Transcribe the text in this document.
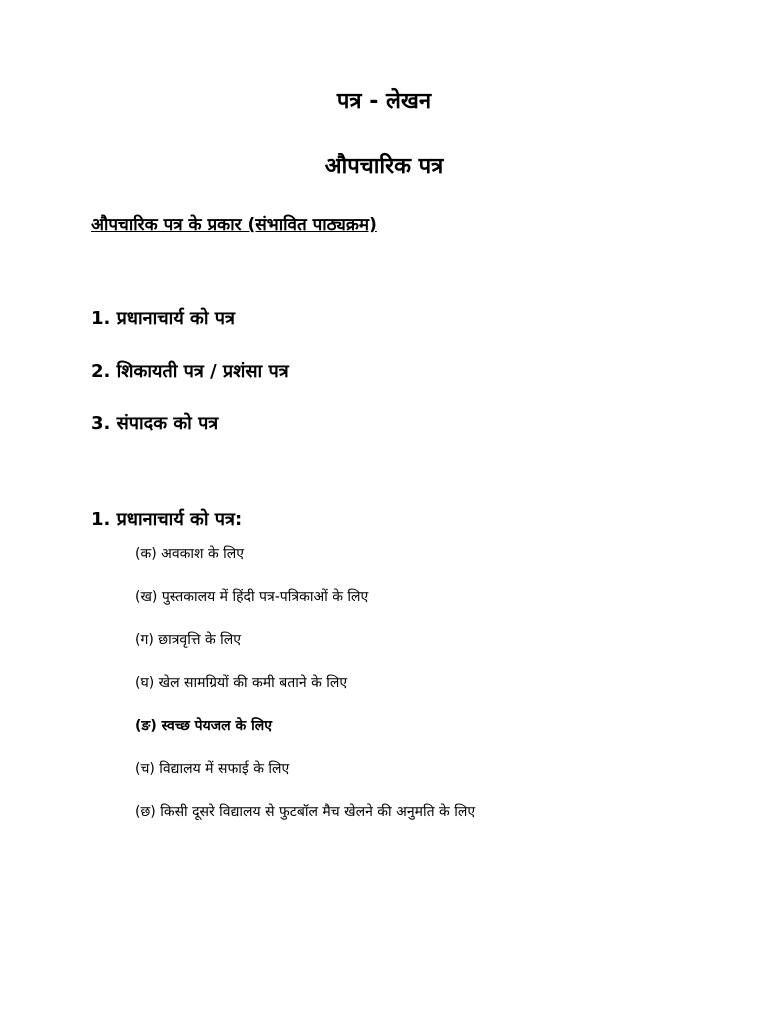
पत्र - लेखन
औपचारिक पत्र
औपचारिक पत्र के प्रकार (संभावित पाठ्यक्रम)
1. प्रधानाचार्य को पत्र
2. शिकायती पत्र / प्रशंसा पत्र
3. संपादक को पत्र
1. प्रधानाचार्य को पत्र:
(क) अवकाश के लिए
(ख) पुस्तकालय में हिंदी पत्र-पत्रिकाओं के लिए
(ग) छात्रवृत्ति के लिए
(घ) खेल सामग्रियों की कमी बताने के लिए
(ङ) स्वच्छ पेयजल के लिए
(च) विद्यालय में सफाई के लिए
(छ) किसी दूसरे विद्यालय से फुटबॉल मैच खेलने की अनुमति के लिए
